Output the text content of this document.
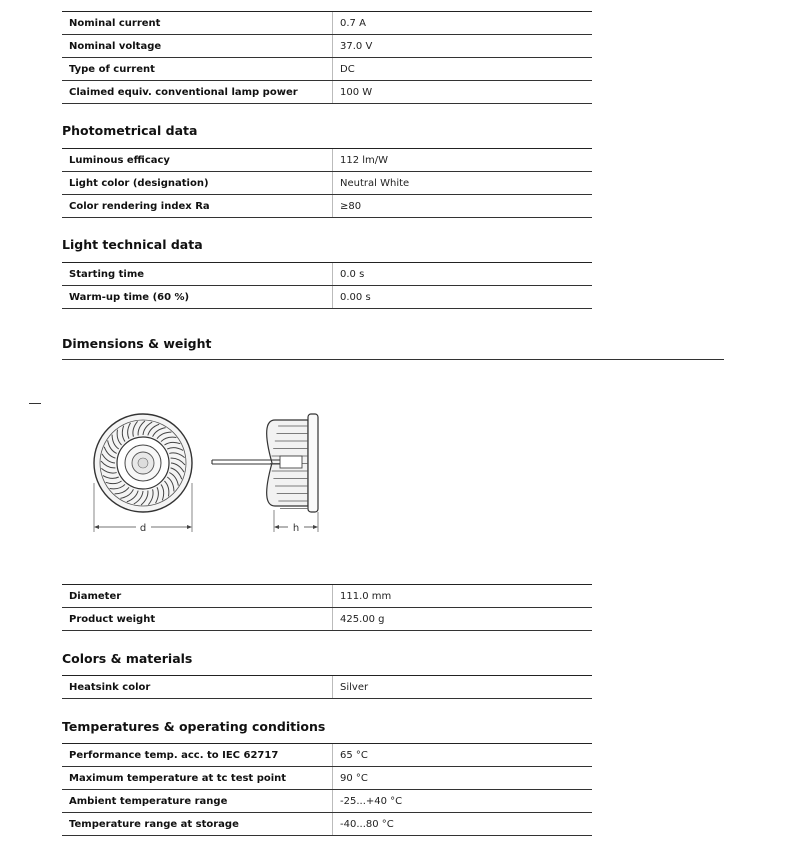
Nominal current	0.7 A
Nominal voltage	37.0 V
Type of current	DC
Claimed equiv. conventional lamp power	100 W
Photometrical data
Luminous efficacy	112 lm/W
Light color (designation)	Neutral White
Color rendering index Ra	≥80
Light technical data
Starting time	0.0 s
Warm-up time (60 %)	0.00 s
Dimensions & weight
d	h
Diameter	111.0 mm
Product weight	425.00 g
Colors & materials
Heatsink color	Silver
Temperatures & operating conditions
Performance temp. acc. to IEC 62717	65 °C
Maximum temperature at tc test point	90 °C
Ambient temperature range	-25...+40 °C
Temperature range at storage	-40...80 °C
